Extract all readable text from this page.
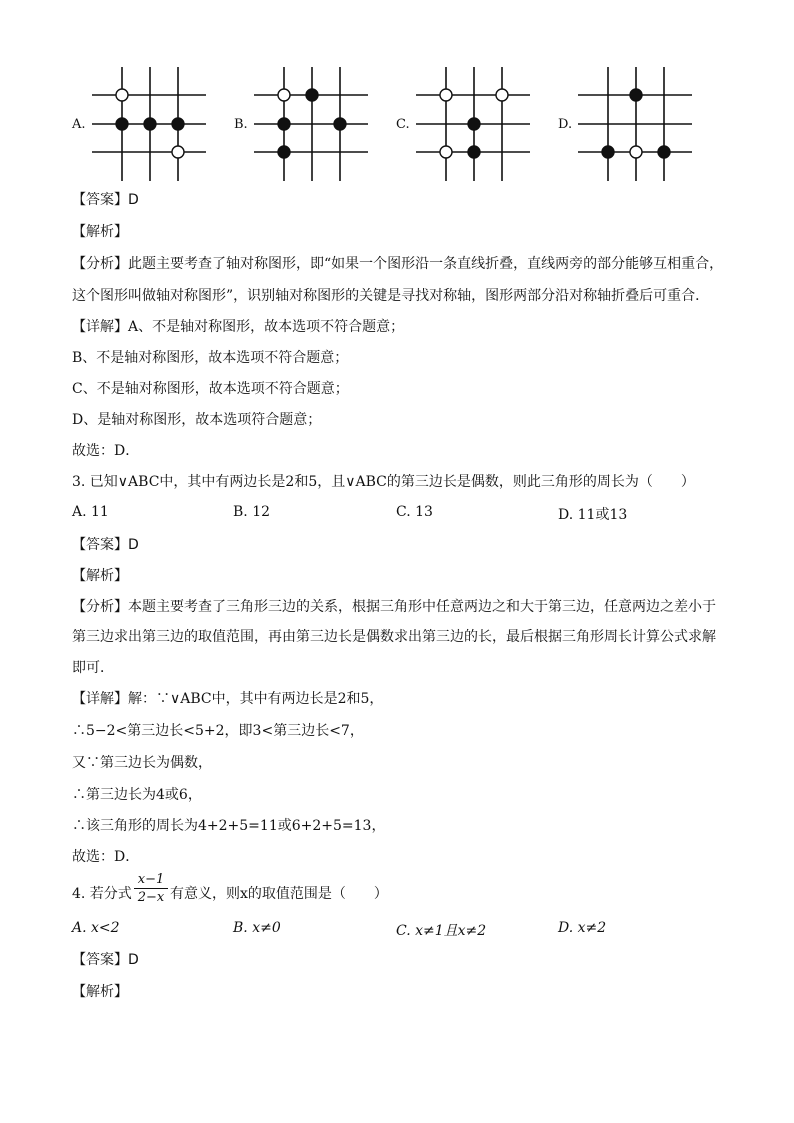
A.	B.	C.	D.
【答案】D
【解析】
【分析】此题主要考查了轴对称图形，即“如果一个图形沿一条直线折叠，直线两旁的部分能够互相重合，
这个图形叫做轴对称图形”，识别轴对称图形的关键是寻找对称轴，图形两部分沿对称轴折叠后可重合．
【详解】A、不是轴对称图形，故本选项不符合题意；
B、不是轴对称图形，故本选项不符合题意；
C、不是轴对称图形，故本选项不符合题意；
D、是轴对称图形，故本选项符合题意；
故选：D．
3. 已知∨ABC中，其中有两边长是2和5，且∨ABC的第三边长是偶数，则此三角形的周长为（　　）
A. 11	B. 12	C. 13	D. 11或13
【答案】D
【解析】
【分析】本题主要考查了三角形三边的关系，根据三角形中任意两边之和大于第三边，任意两边之差小于
第三边求出第三边的取值范围，再由第三边长是偶数求出第三边的长，最后根据三角形周长计算公式求解
即可．
【详解】解：∵∨ABC中，其中有两边长是2和5，
∴5−2<第三边长<5+2，即3<第三边长<7，
又∵第三边长为偶数，
∴第三边长为4或6，
∴该三角形的周长为4+2+5=11或6+2+5=13，
故选：D．
4. 若分式
x−1
2−x 有意义，则x的取值范围是（　　）
A. x<2	B. x≠0	C. x≠1且x≠2	D. x≠2
【答案】D
【解析】
